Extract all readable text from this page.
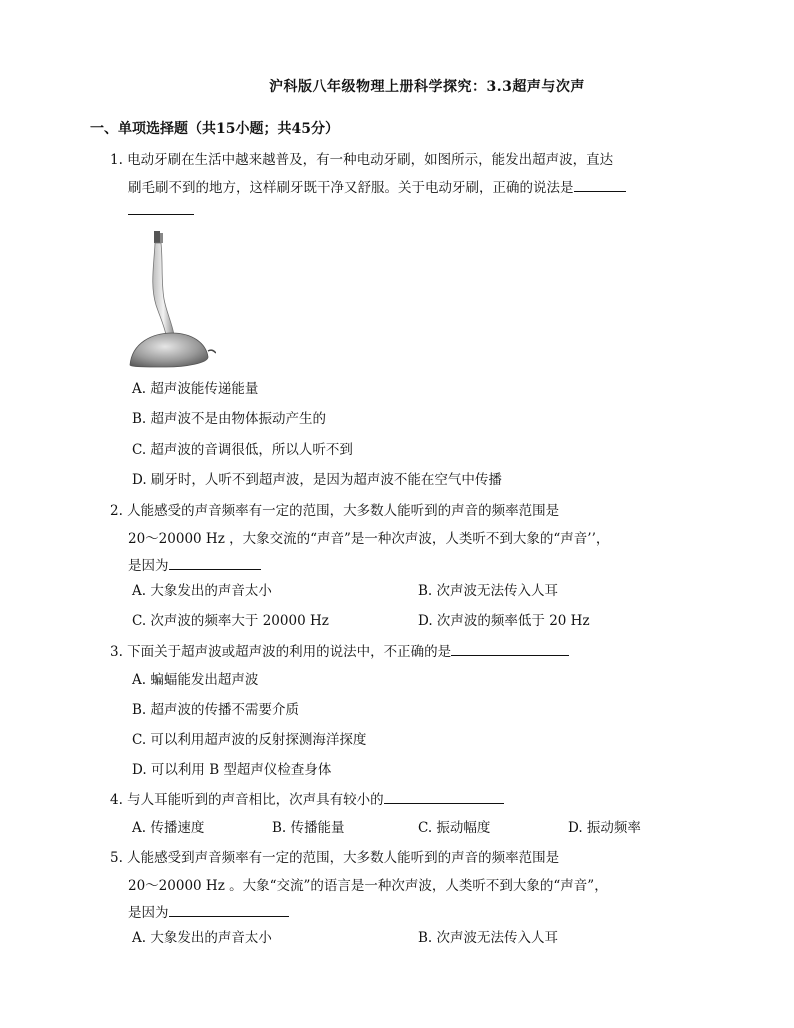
沪科版八年级物理上册科学探究：3.3超声与次声
一、单项选择题（共15小题；共45分）
1. 电动牙刷在生活中越来越普及，有一种电动牙刷，如图所示，能发出超声波，直达
刷毛刷不到的地方，这样刷牙既干净又舒服。关于电动牙刷，正确的说法是
A. 超声波能传递能量
B. 超声波不是由物体振动产生的
C. 超声波的音调很低，所以人听不到
D. 刷牙时，人听不到超声波，是因为超声波不能在空气中传播
2. 人能感受的声音频率有一定的范围，大多数人能听到的声音的频率范围是
20～20000 Hz ，大象交流的“声音”是一种次声波，人类听不到大象的“声音’’，
是因为
A. 大象发出的声音太小	B. 次声波无法传入人耳
C. 次声波的频率大于 20000 Hz	D. 次声波的频率低于 20 Hz
3. 下面关于超声波或超声波的利用的说法中，不正确的是
A. 蝙蝠能发出超声波
B. 超声波的传播不需要介质
C. 可以利用超声波的反射探测海洋探度
D. 可以利用 B 型超声仪检查身体
4. 与人耳能听到的声音相比，次声具有较小的
A. 传播速度	B. 传播能量	C. 振动幅度	D. 振动频率
5. 人能感受到声音频率有一定的范围，大多数人能听到的声音的频率范围是
20～20000 Hz 。大象“交流”的语言是一种次声波，人类听不到大象的“声音”，
是因为
A. 大象发出的声音太小	B. 次声波无法传入人耳
